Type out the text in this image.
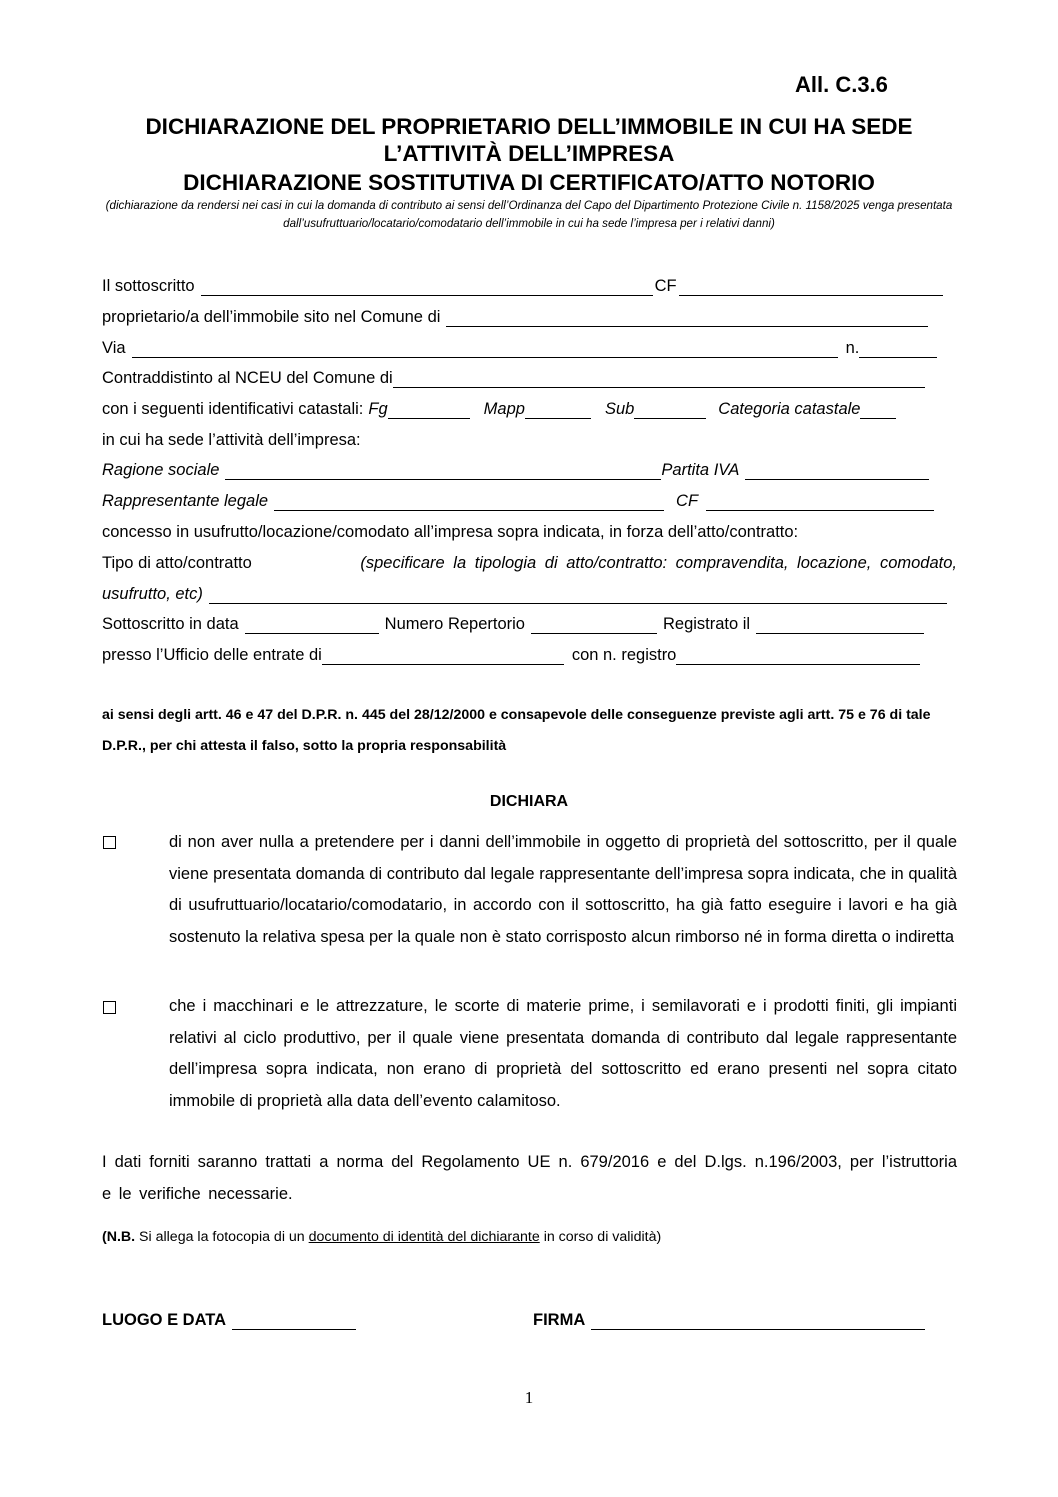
All. C.3.6
DICHIARAZIONE DEL PROPRIETARIO DELL’IMMOBILE IN CUI HA SEDE
L’ATTIVITÀ DELL’IMPRESA
DICHIARAZIONE SOSTITUTIVA DI CERTIFICATO/ATTO NOTORIO
(dichiarazione da rendersi nei casi in cui la domanda di contributo ai sensi dell’Ordinanza del Capo del Dipartimento Protezione Civile n. 1158/2025 venga presentata dall’usufruttuario/locatario/comodatario dell’immobile in cui ha sede l’impresa per i relativi danni)
Il sottoscritto	CF
proprietario/a dell’immobile sito nel Comune di
Via	n.
Contraddistinto al NCEU del Comune di
con i seguenti identificativi catastali: Fg	Mapp	Sub	Categoria catastale
in cui ha sede l’attività dell’impresa:
Ragione sociale	Partita IVA
Rappresentante legale	CF
concesso in usufrutto/locazione/comodato all’impresa sopra indicata, in forza dell’atto/contratto:
Tipo di atto/contratto	(specificare la tipologia di atto/contratto: compravendita, locazione, comodato,
usufrutto, etc)
Sottoscritto in data	Numero Repertorio	Registrato il
presso l’Ufficio delle entrate di	con n. registro
ai sensi degli artt. 46 e 47 del D.P.R. n. 445 del 28/12/2000 e consapevole delle conseguenze previste agli artt. 75 e 76 di tale D.P.R., per chi attesta il falso, sotto la propria responsabilità
DICHIARA
di non aver nulla a pretendere per i danni dell’immobile in oggetto di proprietà del sottoscritto, per il quale viene presentata domanda di contributo dal legale rappresentante dell’impresa sopra indicata, che in qualità di usufruttuario/locatario/comodatario, in accordo con il sottoscritto, ha già fatto eseguire i lavori e ha già sostenuto la relativa spesa per la quale non è stato corrisposto alcun rimborso né in forma diretta o indiretta
che i macchinari e le attrezzature, le scorte di materie prime, i semilavorati e i prodotti finiti, gli impianti relativi al ciclo produttivo, per il quale viene presentata domanda di contributo dal legale rappresentante dell’impresa sopra indicata, non erano di proprietà del sottoscritto ed erano presenti nel sopra citato immobile di proprietà alla data dell’evento calamitoso.
I dati forniti saranno trattati a norma del Regolamento UE n. 679/2016 e del D.lgs. n.196/2003, per l’istruttoria e le verifiche necessarie.
(N.B. Si allega la fotocopia di un documento di identità del dichiarante in corso di validità)
LUOGO E DATA	FIRMA
1
